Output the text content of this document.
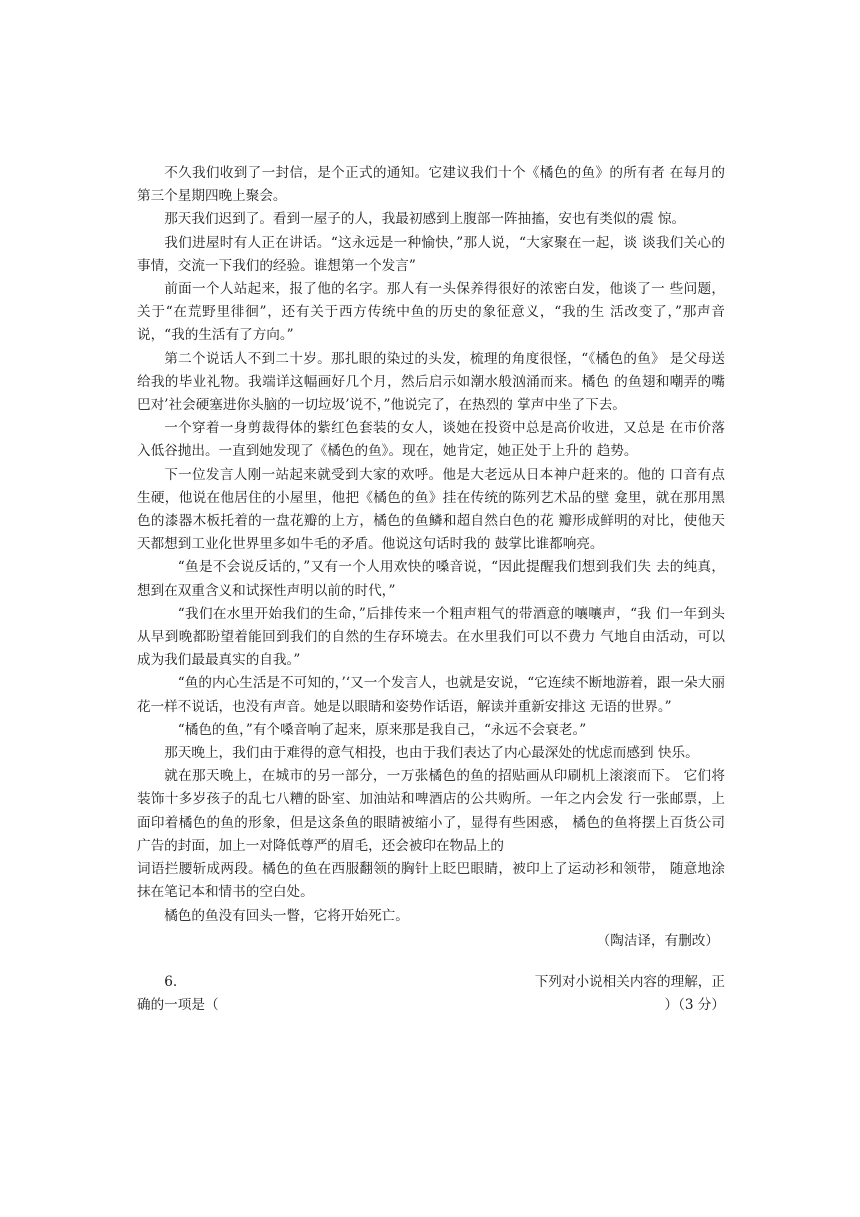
不久我们收到了一封信，是个正式的通知。它建议我们十个《橘色的鱼》的所有者 在每月的第三个星期四晚上聚会。

那天我们迟到了。看到一屋子的人，我最初感到上腹部一阵抽搐，安也有类似的震 惊。

我们进屋时有人正在讲话。“这永远是一种愉快，”那人说，“大家聚在一起，谈 谈我们关心的事情，交流一下我们的经验。谁想第一个发言”

前面一个人站起来，报了他的名字。那人有一头保养得很好的浓密白发，他谈了一 些问题，关于“在荒野里徘徊”，还有关于西方传统中鱼的历史的象征意义，“我的生 活改变了，”那声音说，“我的生活有了方向。”

第二个说话人不到二十岁。那扎眼的染过的头发，梳理的角度很怪，“《橘色的鱼》 是父母送给我的毕业礼物。我端详这幅画好几个月，然后启示如潮水般汹涌而来。橘色 的鱼翅和嘲弄的嘴巴对’社会硬塞进你头脑的一切垃圾’说不，”他说完了，在热烈的 掌声中坐了下去。

一个穿着一身剪裁得体的紫红色套装的女人，谈她在投资中总是高价收进，又总是 在市价落入低谷抛出。一直到她发现了《橘色的鱼》。现在，她肯定，她正处于上升的 趋势。

下一位发言人刚一站起来就受到大家的欢呼。他是大老远从日本神户赶来的。他的 口音有点生硬，他说在他居住的小屋里，他把《橘色的鱼》挂在传统的陈列艺术品的壁 龛里，就在那用黑色的漆器木板托着的一盘花瓣的上方，橘色的鱼鳞和超自然白色的花 瓣形成鲜明的对比，使他天天都想到工业化世界里多如牛毛的矛盾。他说这句话时我的 鼓掌比谁都响亮。

“鱼是不会说反话的，”又有一个人用欢快的嗓音说，“因此提醒我们想到我们失 去的纯真，想到在双重含义和试探性声明以前的时代，”

“我们在水里开始我们的生命，”后排传来一个粗声粗气的带酒意的嚷嚷声，“我 们一年到头从早到晚都盼望着能回到我们的自然的生存环境去。在水里我们可以不费力 气地自由活动，可以成为我们最最真实的自我。”

“鱼的内心生活是不可知的，’‘又一个发言人，也就是安说，“它连续不断地游着，跟一朵大丽花一样不说话，也没有声音。她是以眼睛和姿势作话语，解读并重新安排这 无语的世界。”

“橘色的鱼，”有个嗓音响了起来，原来那是我自己，“永远不会衰老。”

那天晚上，我们由于难得的意气相投，也由于我们表达了内心最深处的忧虑而感到 快乐。

就在那天晚上，在城市的另一部分，一万张橘色的鱼的招贴画从印刷机上滚滚而下。 它们将装饰十多岁孩子的乱七八糟的卧室、加油站和啤酒店的公共购所。一年之内会发 行一张邮票，上面印着橘色的鱼的形象，但是这条鱼的眼睛被缩小了，显得有些困惑， 橘色的鱼将摆上百货公司广告的封面，加上一对降低尊严的眉毛，还会被印在物品上的

词语拦腰斩成两段。橘色的鱼在西服翻领的胸针上眨巴眼睛，被印上了运动衫和领带， 随意地涂抹在笔记本和情书的空白处。

橘色的鱼没有回头一瞥，它将开始死亡。

（陶洁译，有删改）

6.	下列对小说相关内容的理解，正
确的一项是（	）（3 分）
